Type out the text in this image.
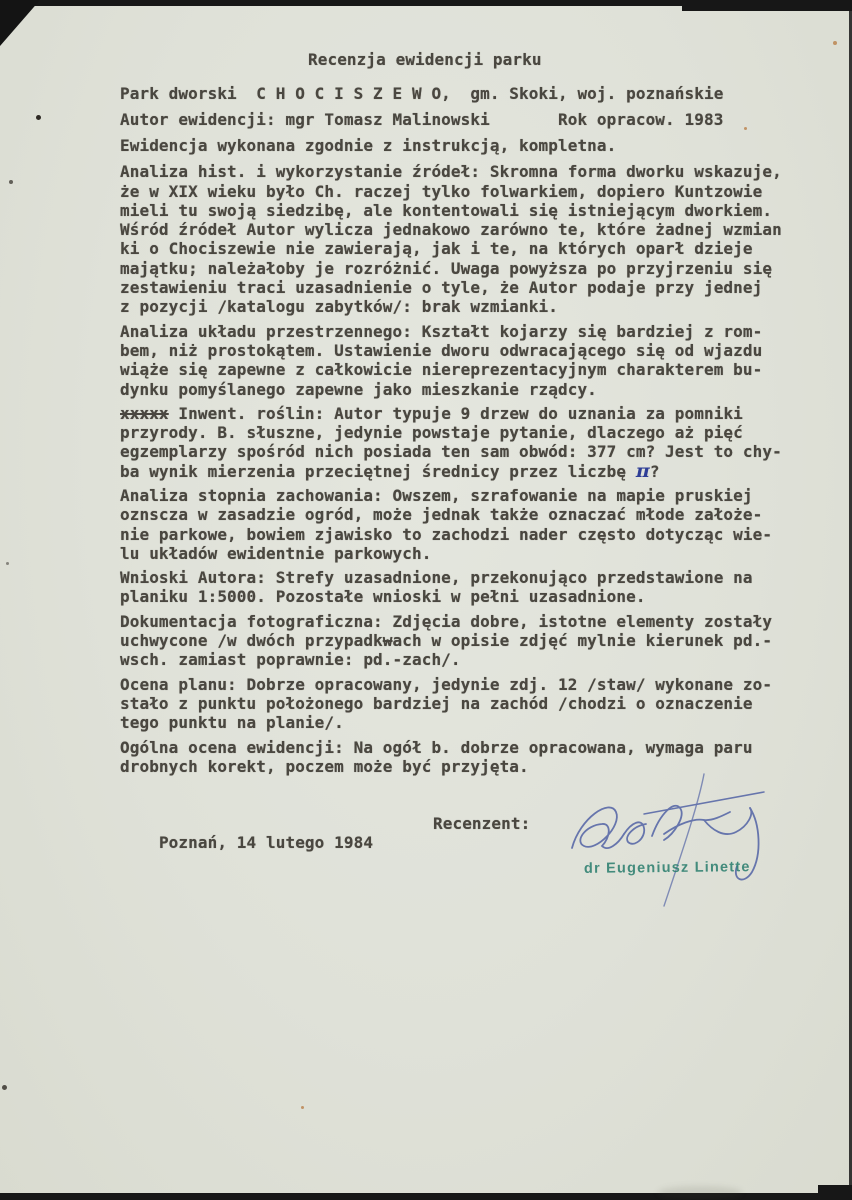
Recenzja ewidencji parku
Park dworski  C H O C I S Z E W O,  gm. Skoki, woj. poznańskie
Autor ewidencji: mgr Tomasz Malinowski       Rok opracow. 1983
Ewidencja wykonana zgodnie z instrukcją, kompletna.
Analiza hist. i wykorzystanie źródeł: Skromna forma dworku wskazuje,
że w XIX wieku było Ch. raczej tylko folwarkiem, dopiero Kuntzowie
mieli tu swoją siedzibę, ale kontentowali się istniejącym dworkiem.
Wśród źródeł Autor wylicza jednakowo zarówno te, które żadnej wzmian
ki o Chociszewie nie zawierają, jak i te, na których oparł dzieje
majątku; należałoby je rozróżnić. Uwaga powyższa po przyjrzeniu się
zestawieniu traci uzasadnienie o tyle, że Autor podaje przy jednej
z pozycji /katalogu zabytków/: brak wzmianki.
Analiza układu przestrzennego: Kształt kojarzy się bardziej z rom-
bem, niż prostokątem. Ustawienie dworu odwracającego się od wjazdu
wiąże się zapewne z całkowicie niereprezentacyjnym charakterem bu-
dynku pomyślanego zapewne jako mieszkanie rządcy.
xxxxx Inwent. roślin: Autor typuje 9 drzew do uznania za pomniki
przyrody. B. słuszne, jedynie powstaje pytanie, dlaczego aż pięć
egzemplarzy spośród nich posiada ten sam obwód: 377 cm? Jest to chy-
ba wynik mierzenia przeciętnej średnicy przez liczbę π?
Analiza stopnia zachowania: Owszem, szrafowanie na mapie pruskiej
oznscza w zasadzie ogród, może jednak także oznaczać młode założe-
nie parkowe, bowiem zjawisko to zachodzi nader często dotycząc wie-
lu układów ewidentnie parkowych.
Wnioski Autora: Strefy uzasadnione, przekonująco przedstawione na
planiku 1:5000. Pozostałe wnioski w pełni uzasadnione.
Dokumentacja fotograficzna: Zdjęcia dobre, istotne elementy zostały
uchwycone /w dwóch przypadkwach w opisie zdjęć mylnie kierunek pd.-
wsch. zamiast poprawnie: pd.-zach/.
Ocena planu: Dobrze opracowany, jedynie zdj. 12 /staw/ wykonane zo-
stało z punktu położonego bardziej na zachód /chodzi o oznaczenie
tego punktu na planie/.
Ogólna ocena ewidencji: Na ogół b. dobrze opracowana, wymaga paru
drobnych korekt, poczem może być przyjęta.

Poznań, 14 lutego 1984

Recenzent:

dr Eugeniusz Linette
